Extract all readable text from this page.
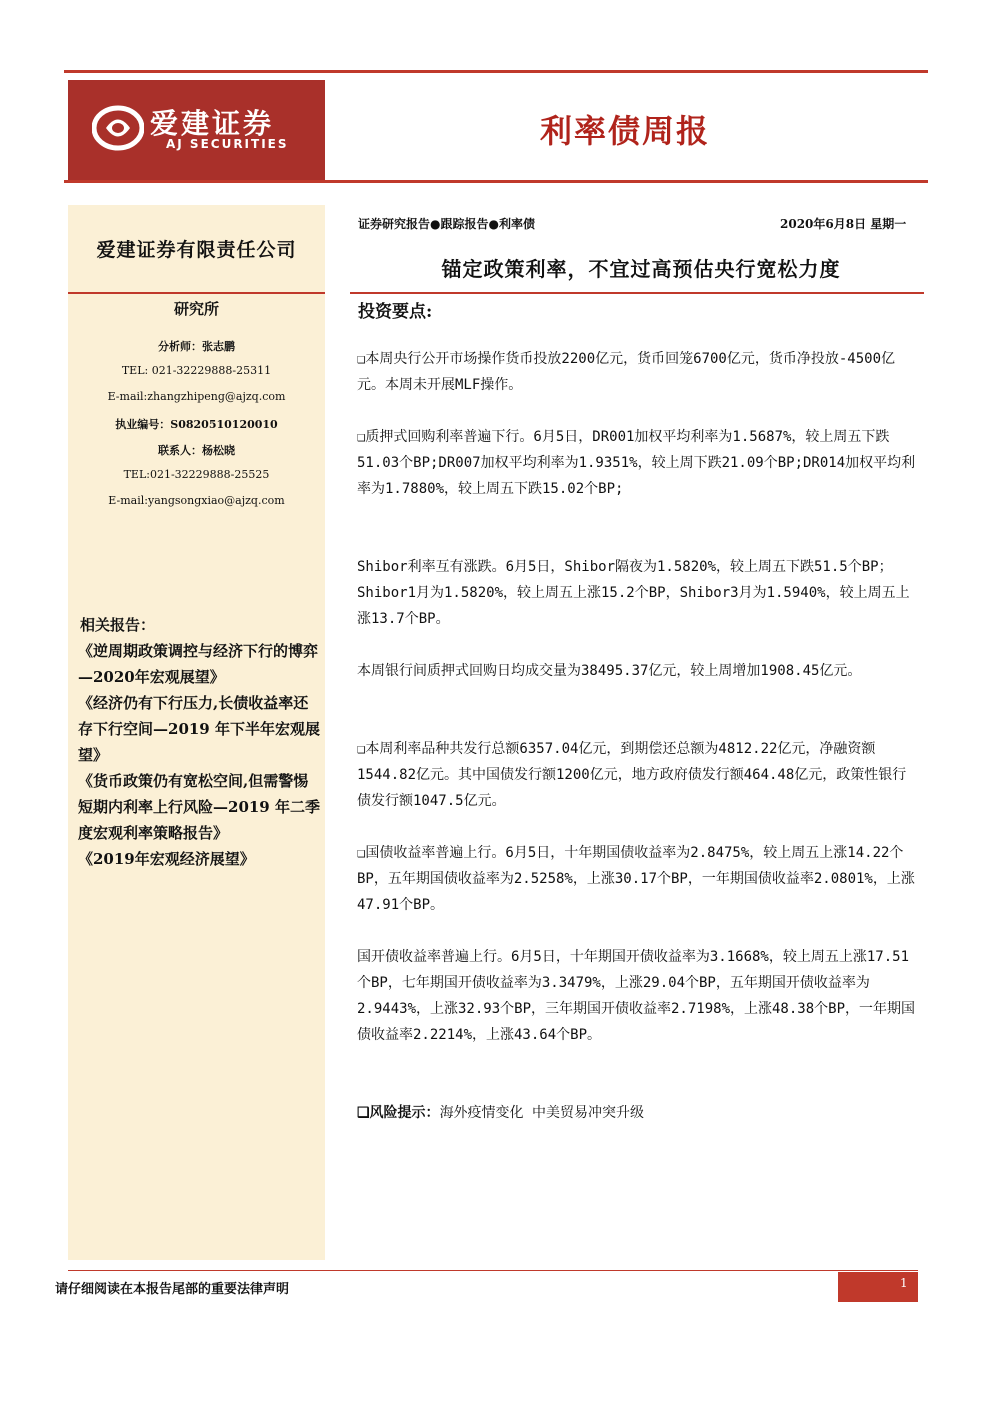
爱建证券
AJ SECURITIES	利率债周报
爱建证券有限责任公司
研究所
分析师：张志鹏
TEL: 021-32229888-25311
E-mail:zhangzhipeng@ajzq.com
执业编号：S0820510120010
联系人：杨松晓
TEL:021-32229888-25525
E-mail:yangsongxiao@ajzq.com
相关报告：
《逆周期政策调控与经济下行的博弈—2020年宏观展望》
《经济仍有下行压力,长债收益率还存下行空间—2019 年下半年宏观展望》
《货币政策仍有宽松空间,但需警惕短期内利率上行风险—2019 年二季度宏观利率策略报告》
《2019年宏观经济展望》
证券研究报告●跟踪报告●利率债	2020年6月8日 星期一
锚定政策利率，不宜过高预估央行宽松力度
投资要点:
❑本周央行公开市场操作货币投放2200亿元，货币回笼6700亿元，货币净投放-4500亿元。本周未开展MLF操作。
❑质押式回购利率普遍下行。6月5日，DR001加权平均利率为1.5687%，较上周五下跌51.03个BP;DR007加权平均利率为1.9351%，较上周下跌21.09个BP;DR014加权平均利率为1.7880%，较上周五下跌15.02个BP;
Shibor利率互有涨跌。6月5日，Shibor隔夜为1.5820%，较上周五下跌51.5个BP；Shibor1月为1.5820%，较上周五上涨15.2个BP，Shibor3月为1.5940%，较上周五上涨13.7个BP。
本周银行间质押式回购日均成交量为38495.37亿元，较上周增加1908.45亿元。
❑本周利率品种共发行总额6357.04亿元，到期偿还总额为4812.22亿元，净融资额1544.82亿元。其中国债发行额1200亿元，地方政府债发行额464.48亿元，政策性银行债发行额1047.5亿元。
❑国债收益率普遍上行。6月5日，十年期国债收益率为2.8475%，较上周五上涨14.22个BP，五年期国债收益率为2.5258%，上涨30.17个BP，一年期国债收益率2.0801%，上涨47.91个BP。
国开债收益率普遍上行。6月5日，十年期国开债收益率为3.1668%，较上周五上涨17.51个BP，七年期国开债收益率为3.3479%，上涨29.04个BP，五年期国开债收益率为2.9443%，上涨32.93个BP，三年期国开债收益率2.7198%，上涨48.38个BP，一年期国债收益率2.2214%，上涨43.64个BP。
❑风险提示：海外疫情变化 中美贸易冲突升级
请仔细阅读在本报告尾部的重要法律声明	1
